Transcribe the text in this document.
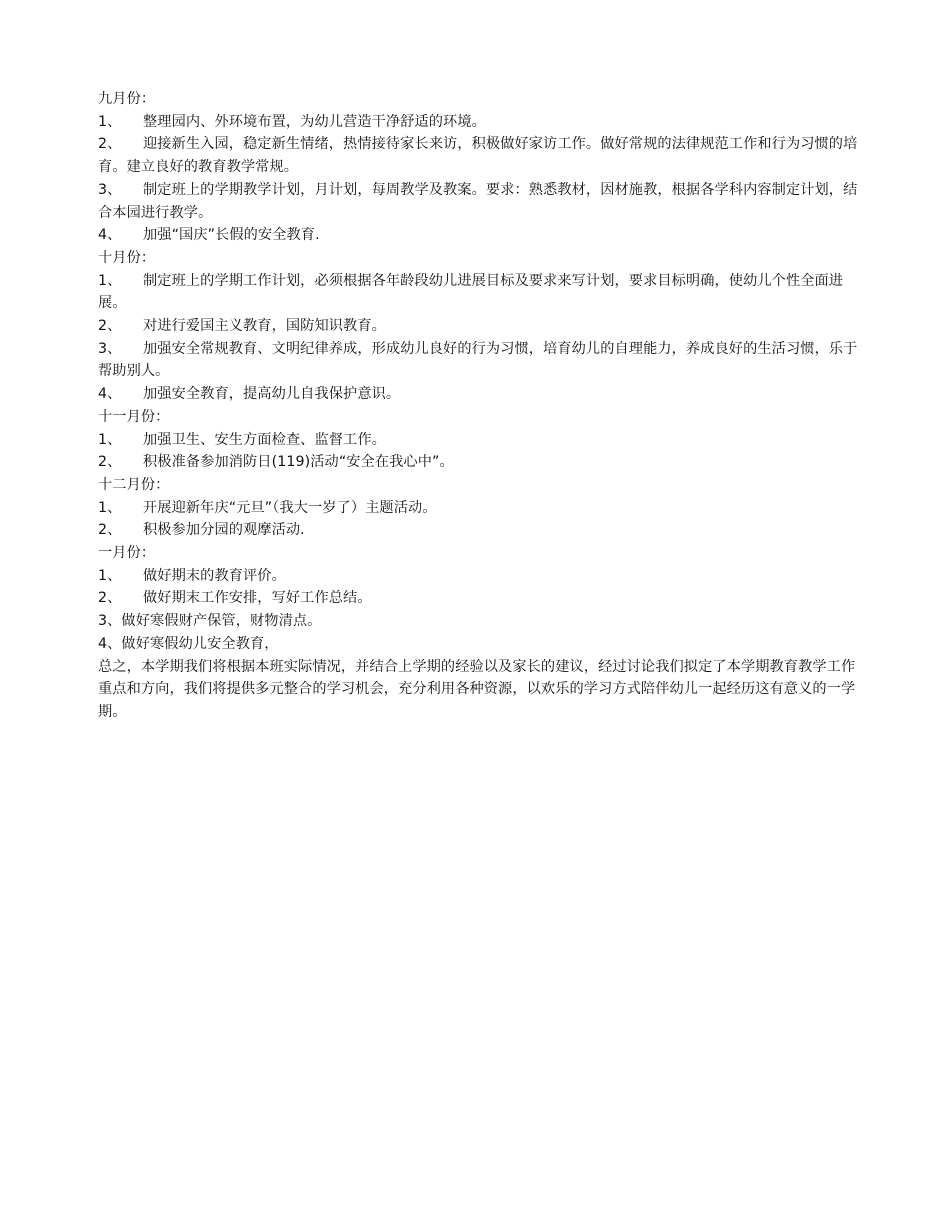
九月份：

1、 整理园内、外环境布置，为幼儿营造干净舒适的环境。

2、 迎接新生入园，稳定新生情绪，热情接待家长来访，积极做好家访工作。做好常规的法律规范工作和行为习惯的培育。建立良好的教育教学常规。

3、 制定班上的学期教学计划，月计划，每周教学及教案。要求：熟悉教材，因材施教，根据各学科内容制定计划，结合本园进行教学。

4、 加强“国庆”长假的安全教育.

十月份：

1、 制定班上的学期工作计划，必须根据各年龄段幼儿进展目标及要求来写计划，要求目标明确，使幼儿个性全面进展。

2、 对进行爱国主义教育，国防知识教育。

3、 加强安全常规教育、文明纪律养成，形成幼儿良好的行为习惯，培育幼儿的自理能力，养成良好的生活习惯，乐于帮助别人。

4、 加强安全教育，提高幼儿自我保护意识。

十一月份：

1、 加强卫生、安生方面检查、监督工作。

2、 积极准备参加消防日(119)活动“安全在我心中”。

十二月份：

1、 开展迎新年庆“元旦”（我大一岁了）主题活动。

2、 积极参加分园的观摩活动.

一月份：

1、 做好期末的教育评价。

2、 做好期末工作安排，写好工作总结。

3、做好寒假财产保管，财物清点。

4、做好寒假幼儿安全教育，

总之，本学期我们将根据本班实际情况，并结合上学期的经验以及家长的建议，经过讨论我们拟定了本学期教育教学工作重点和方向，我们将提供多元整合的学习机会，充分利用各种资源，以欢乐的学习方式陪伴幼儿一起经历这有意义的一学期。
